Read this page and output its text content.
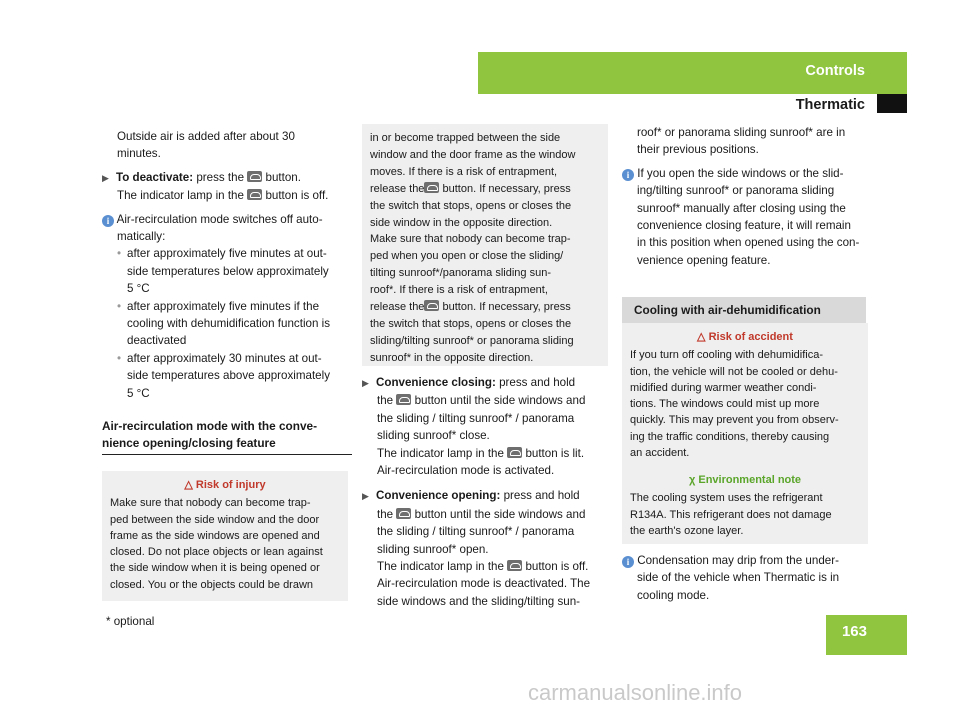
Controls
Thermatic

Outside air is added after about 30

minutes.

▶ To deactivate: press the button.

The indicator lamp in the button is off.

i Air-recirculation mode switches off auto-

matically:

• after approximately five minutes at out-

side temperatures below approximately

5 °C

• after approximately five minutes if the

cooling with dehumidification function is

deactivated

• after approximately 30 minutes at out-

side temperatures above approximately

5 °C

Air-recirculation mode with the conve-

nience opening/closing feature

△ Risk of injury

Make sure that nobody can become trap-

ped between the side window and the door

frame as the side windows are opened and

closed. Do not place objects or lean against

the side window when it is being opened or

closed. You or the objects could be drawn

in or become trapped between the side

window and the door frame as the window

moves. If there is a risk of entrapment,

release the button. If necessary, press

the switch that stops, opens or closes the

side window in the opposite direction.

Make sure that nobody can become trap-

ped when you open or close the sliding/

tilting sunroof*/panorama sliding sun-

roof*. If there is a risk of entrapment,

release the button. If necessary, press

the switch that stops, opens or closes the

sliding/tilting sunroof* or panorama sliding

sunroof* in the opposite direction.

▶ Convenience closing: press and hold

the button until the side windows and

the sliding / tilting sunroof* / panorama

sliding sunroof* close.

The indicator lamp in the button is lit.

Air-recirculation mode is activated.

▶ Convenience opening: press and hold

the button until the side windows and

the sliding / tilting sunroof* / panorama

sliding sunroof* open.

The indicator lamp in the button is off.

Air-recirculation mode is deactivated. The

side windows and the sliding/tilting sun-

roof* or panorama sliding sunroof* are in

their previous positions.

i If you open the side windows or the slid-

ing/tilting sunroof* or panorama sliding

sunroof* manually after closing using the

convenience closing feature, it will remain

in this position when opened using the con-

venience opening feature.

Cooling with air-dehumidification

△ Risk of accident

If you turn off cooling with dehumidifica-

tion, the vehicle will not be cooled or dehu-

midified during warmer weather condi-

tions. The windows could mist up more

quickly. This may prevent you from observ-

ing the traffic conditions, thereby causing

an accident.

χ Environmental note

The cooling system uses the refrigerant

R134A. This refrigerant does not damage

the earth's ozone layer.

i Condensation may drip from the under-

side of the vehicle when Thermatic is in

cooling mode.

* optional
163
carmanualsonline.info
